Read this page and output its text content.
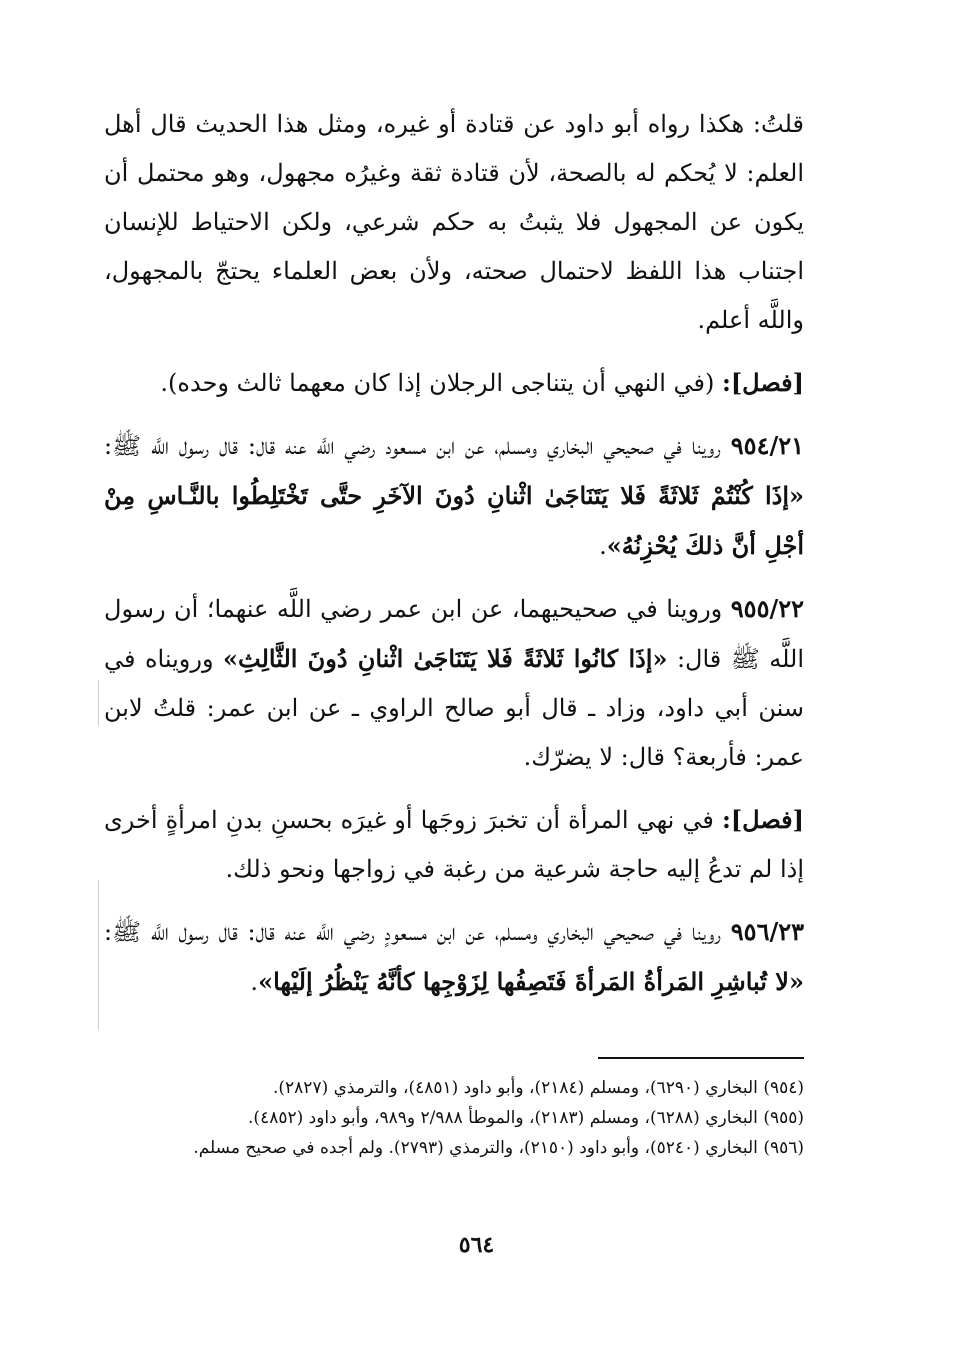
قلتُ: هكذا رواه أبو داود عن قتادة أو غيره، ومثل هذا الحديث قال أهل العلم: لا يُحكم له بالصحة، لأن قتادة ثقة وغيرُه مجهول، وهو محتمل أن يكون عن المجهول فلا يثبتُ به حكم شرعي، ولكن الاحتياط للإنسان اجتناب هذا اللفظ لاحتمال صحته، ولأن بعض العلماء يحتجّ بالمجهول، واللَّه أعلم.

[فصل]: (في النهي أن يتناجى الرجلان إذا كان معهما ثالث وحده).

٩٥٤/٢١ روينا في صحيحي البخاري ومسلم، عن ابن مسعود رضي اللَّه عنه قال: قال رسول اللَّه ﷺ: «إذَا كُنْتُمْ ثَلاثَةً فَلا يَتَنَاجَىٰ اثْنانِ دُونَ الآخَرِ حتَّى تَخْتَلِطُوا بالنَّـاسِ مِنْ أجْلِ أنَّ ذلكَ يُحْزِنُهُ».

٩٥٥/٢٢ وروينا في صحيحيهما، عن ابن عمر رضي اللَّه عنهما؛ أن رسول اللَّه ﷺ قال: «إذَا كانُوا ثَلاثَةً فَلا يَتَنَاجَىٰ اثْنانِ دُونَ الثَّالِثِ» ورويناه في سنن أبي داود، وزاد ـ قال أبو صالح الراوي ـ عن ابن عمر: قلتُ لابن عمر: فأربعة؟ قال: لا يضرّك.

[فصل]: في نهي المرأة أن تخبرَ زوجَها أو غيرَه بحسنِ بدنِ امرأةٍ أخرى إذا لم تدعُ إليه حاجة شرعية من رغبة في زواجها ونحو ذلك.

٩٥٦/٢٣ روينا في صحيحي البخاري ومسلم، عن ابن مسعودٍ رضي اللَّه عنه قال: قال رسول اللَّه ﷺ: «لا تُباشِرِ المَرأةُ المَرأةَ فَتَصِفُها لِزَوْجِها كأنَّهُ يَنْظُرُ إلَيْها».

(٩٥٤) البخاري (٦٢٩٠)، ومسلم (٢١٨٤)، وأبو داود (٤٨٥١)، والترمذي (٢٨٢٧).

(٩٥٥) البخاري (٦٢٨٨)، ومسلم (٢١٨٣)، والموطأ ٢/٩٨٨ و٩٨٩، وأبو داود (٤٨٥٢).

(٩٥٦) البخاري (٥٢٤٠)، وأبو داود (٢١٥٠)، والترمذي (٢٧٩٣). ولم أجده في صحيح مسلم.

٥٦٤
